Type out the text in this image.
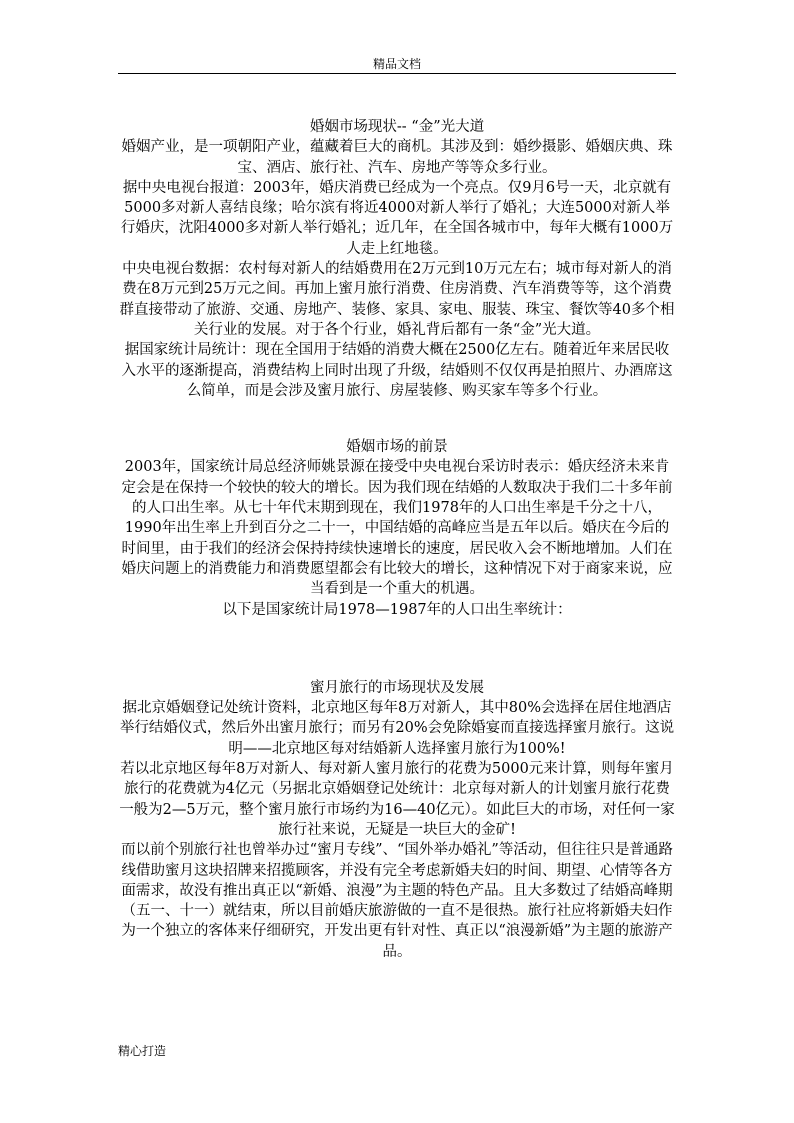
精品文档
婚姻市场现状-- “金”光大道
婚姻产业，是一项朝阳产业，蕴藏着巨大的商机。其涉及到：婚纱摄影、婚姻庆典、珠宝、酒店、旅行社、汽车、房地产等等众多行业。
据中央电视台报道：2003年，婚庆消费已经成为一个亮点。仅9月6号一天，北京就有5000多对新人喜结良缘；哈尔滨有将近4000对新人举行了婚礼；大连5000对新人举行婚庆，沈阳4000多对新人举行婚礼；近几年，在全国各城市中，每年大概有1000万人走上红地毯。
中央电视台数据：农村每对新人的结婚费用在2万元到10万元左右；城市每对新人的消费在8万元到25万元之间。再加上蜜月旅行消费、住房消费、汽车消费等等，这个消费群直接带动了旅游、交通、房地产、装修、家具、家电、服装、珠宝、餐饮等40多个相关行业的发展。对于各个行业，婚礼背后都有一条“金”光大道。
据国家统计局统计：现在全国用于结婚的消费大概在2500亿左右。随着近年来居民收入水平的逐渐提高，消费结构上同时出现了升级，结婚则不仅仅再是拍照片、办酒席这么简单，而是会涉及蜜月旅行、房屋装修、购买家车等多个行业。
婚姻市场的前景
2003年，国家统计局总经济师姚景源在接受中央电视台采访时表示：婚庆经济未来肯定会是在保持一个较快的较大的增长。因为我们现在结婚的人数取决于我们二十多年前的人口出生率。从七十年代末期到现在，我们1978年的人口出生率是千分之十八，1990年出生率上升到百分之二十一，中国结婚的高峰应当是五年以后。婚庆在今后的时间里，由于我们的经济会保持持续快速增长的速度，居民收入会不断地增加。人们在婚庆问题上的消费能力和消费愿望都会有比较大的增长，这种情况下对于商家来说，应当看到是一个重大的机遇。
以下是国家统计局1978—1987年的人口出生率统计：
蜜月旅行的市场现状及发展
据北京婚姻登记处统计资料，北京地区每年8万对新人，其中80%会选择在居住地酒店举行结婚仪式，然后外出蜜月旅行；而另有20%会免除婚宴而直接选择蜜月旅行。这说明——北京地区每对结婚新人选择蜜月旅行为100%!
若以北京地区每年8万对新人、每对新人蜜月旅行的花费为5000元来计算，则每年蜜月旅行的花费就为4亿元（另据北京婚姻登记处统计：北京每对新人的计划蜜月旅行花费一般为2—5万元，整个蜜月旅行市场约为16—40亿元）。如此巨大的市场，对任何一家旅行社来说，无疑是一块巨大的金矿!
而以前个别旅行社也曾举办过“蜜月专线”、“国外举办婚礼”等活动，但往往只是普通路线借助蜜月这块招牌来招揽顾客，并没有完全考虑新婚夫妇的时间、期望、心情等各方面需求，故没有推出真正以“新婚、浪漫”为主题的特色产品。且大多数过了结婚高峰期（五一、十一）就结束，所以目前婚庆旅游做的一直不是很热。旅行社应将新婚夫妇作为一个独立的客体来仔细研究，开发出更有针对性、真正以“浪漫新婚”为主题的旅游产品。
精心打造
